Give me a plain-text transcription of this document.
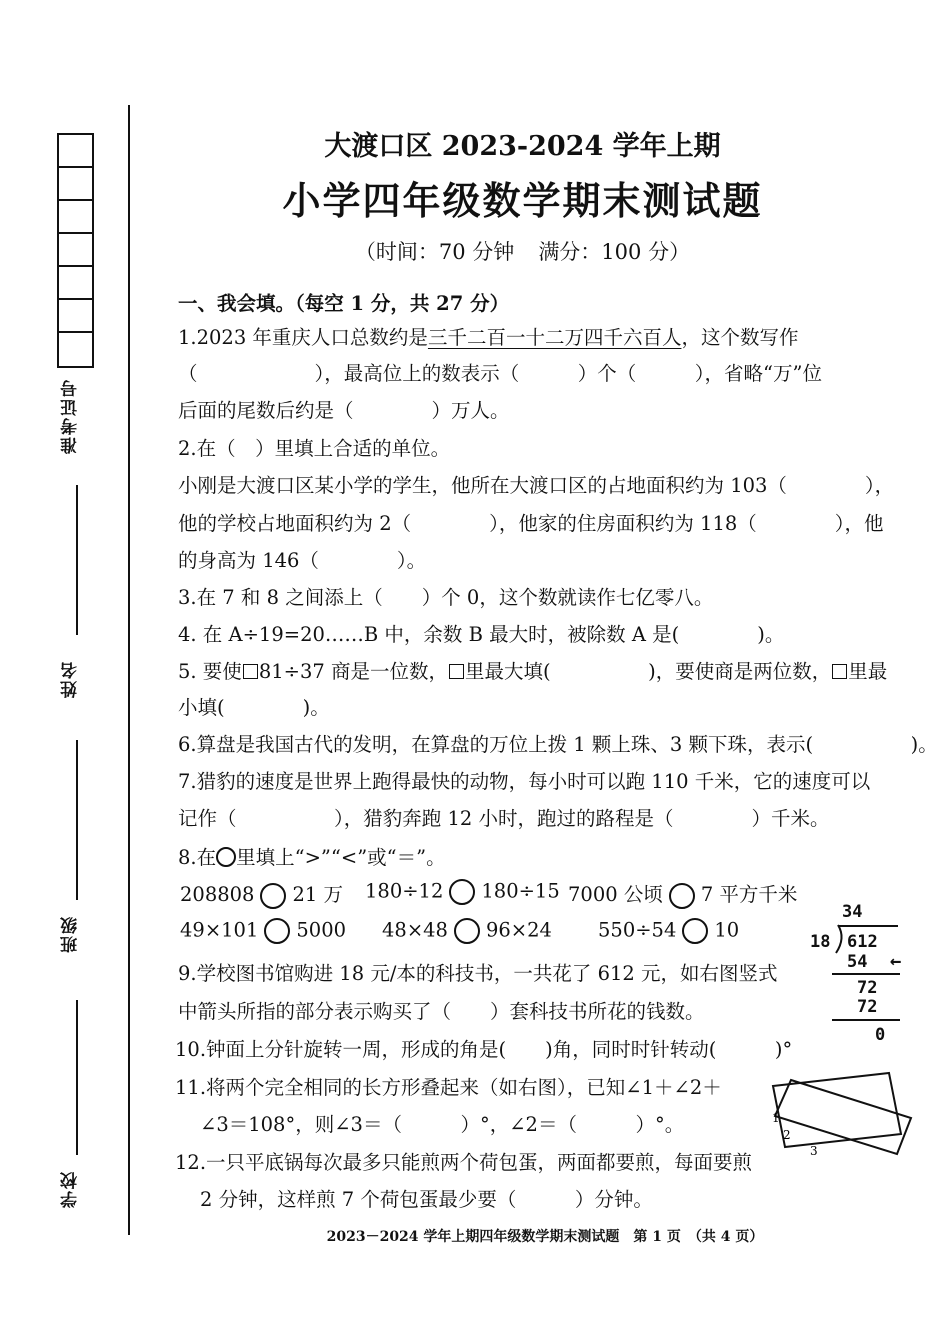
准考证号
姓名
班级
学校
大渡口区 2023-2024 学年上期
小学四年级数学期末测试题
（时间：70 分钟 满分：100 分）
一、我会填。（每空 1 分，共 27 分）
1.2023 年重庆人口总数约是三千二百一十二万四千六百人，这个数写作
（　　　　　　），最高位上的数表示（　　　）个（　　　），省略“万”位
后面的尾数后约是（　　　　）万人。
2.在（　）里填上合适的单位。
小刚是大渡口区某小学的学生，他所在大渡口区的占地面积约为 103（　　　　），
他的学校占地面积约为 2（　　　　），他家的住房面积约为 118（　　　　），他
的身高为 146（　　　　）。
3.在 7 和 8 之间添上（　　）个 0，这个数就读作七亿零八。
4. 在 A÷19=20……B 中，余数 B 最大时，被除数 A 是(　　　　)。
5. 要使 81÷37 商是一位数， 里最大填(　　　　　)，要使商是两位数， 里最
小填(　　　　)。
6.算盘是我国古代的发明，在算盘的万位上拨 1 颗上珠、3 颗下珠，表示(　　　　　)。
7.猎豹的速度是世界上跑得最快的动物，每小时可以跑 110 千米，它的速度可以
记作（　　　　　），猎豹奔跑 12 小时，跑过的路程是（　　　　）千米。
8.在 里填上“>”“<”或“＝”。
208808 21 万 180÷12 180÷15 7000 公顷 7 平方千米
49×101 5000 48×48 96×24 550÷54 10
34
18 612
54 ←
72
72
0
9.学校图书馆购进 18 元/本的科技书，一共花了 612 元，如右图竖式
中箭头所指的部分表示购买了（　　）套科技书所花的钱数。
10.钟面上分针旋转一周，形成的角是(　　)角，同时时针转动(　　　)°
11.将两个完全相同的长方形叠起来（如右图），已知∠1＋∠2＋
∠3＝108°，则∠3＝（　　　）°，∠2＝（　　　）°。	1
2
3
12.一只平底锅每次最多只能煎两个荷包蛋，两面都要煎，每面要煎
2 分钟，这样煎 7 个荷包蛋最少要（　　　）分钟。
2023－2024 学年上期四年级数学期末测试题　第 1 页　（共 4 页）
